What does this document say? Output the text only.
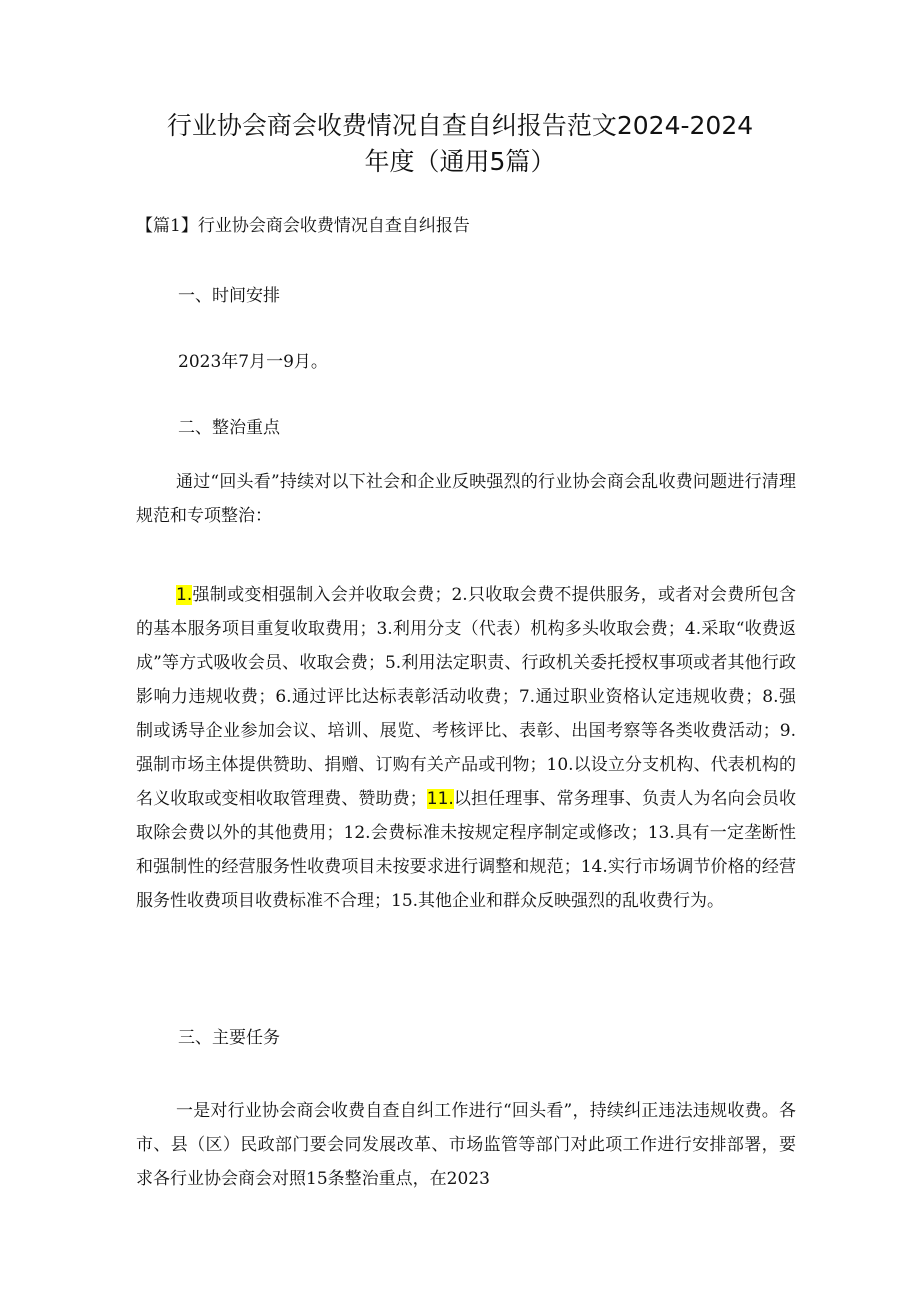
行业协会商会收费情况自查自纠报告范文2024-2024
年度（通用5篇）
【篇1】行业协会商会收费情况自查自纠报告
一、时间安排
2023年7月一9月。
二、整治重点

通过“回头看”持续对以下社会和企业反映强烈的行业协会商会乱收费问题进行清理规范和专项整治：

1.强制或变相强制入会并收取会费；2.只收取会费不提供服务，或者对会费所包含的基本服务项目重复收取费用；3.利用分支（代表）机构多头收取会费；4.采取“收费返成”等方式吸收会员、收取会费；5.利用法定职责、行政机关委托授权事项或者其他行政影响力违规收费；6.通过评比达标表彰活动收费；7.通过职业资格认定违规收费；8.强制或诱导企业参加会议、培训、展览、考核评比、表彰、出国考察等各类收费活动；9.强制市场主体提供赞助、捐赠、订购有关产品或刊物；10.以设立分支机构、代表机构的名义收取或变相收取管理费、赞助费；11.以担任理事、常务理事、负责人为名向会员收取除会费以外的其他费用；12.会费标准未按规定程序制定或修改；13.具有一定垄断性和强制性的经营服务性收费项目未按要求进行调整和规范；14.实行市场调节价格的经营服务性收费项目收费标准不合理；15.其他企业和群众反映强烈的乱收费行为。

三、主要任务

一是对行业协会商会收费自查自纠工作进行“回头看”，持续纠正违法违规收费。各市、县（区）民政部门要会同发展改革、市场监管等部门对此项工作进行安排部署，要求各行业协会商会对照15条整治重点，在2023
